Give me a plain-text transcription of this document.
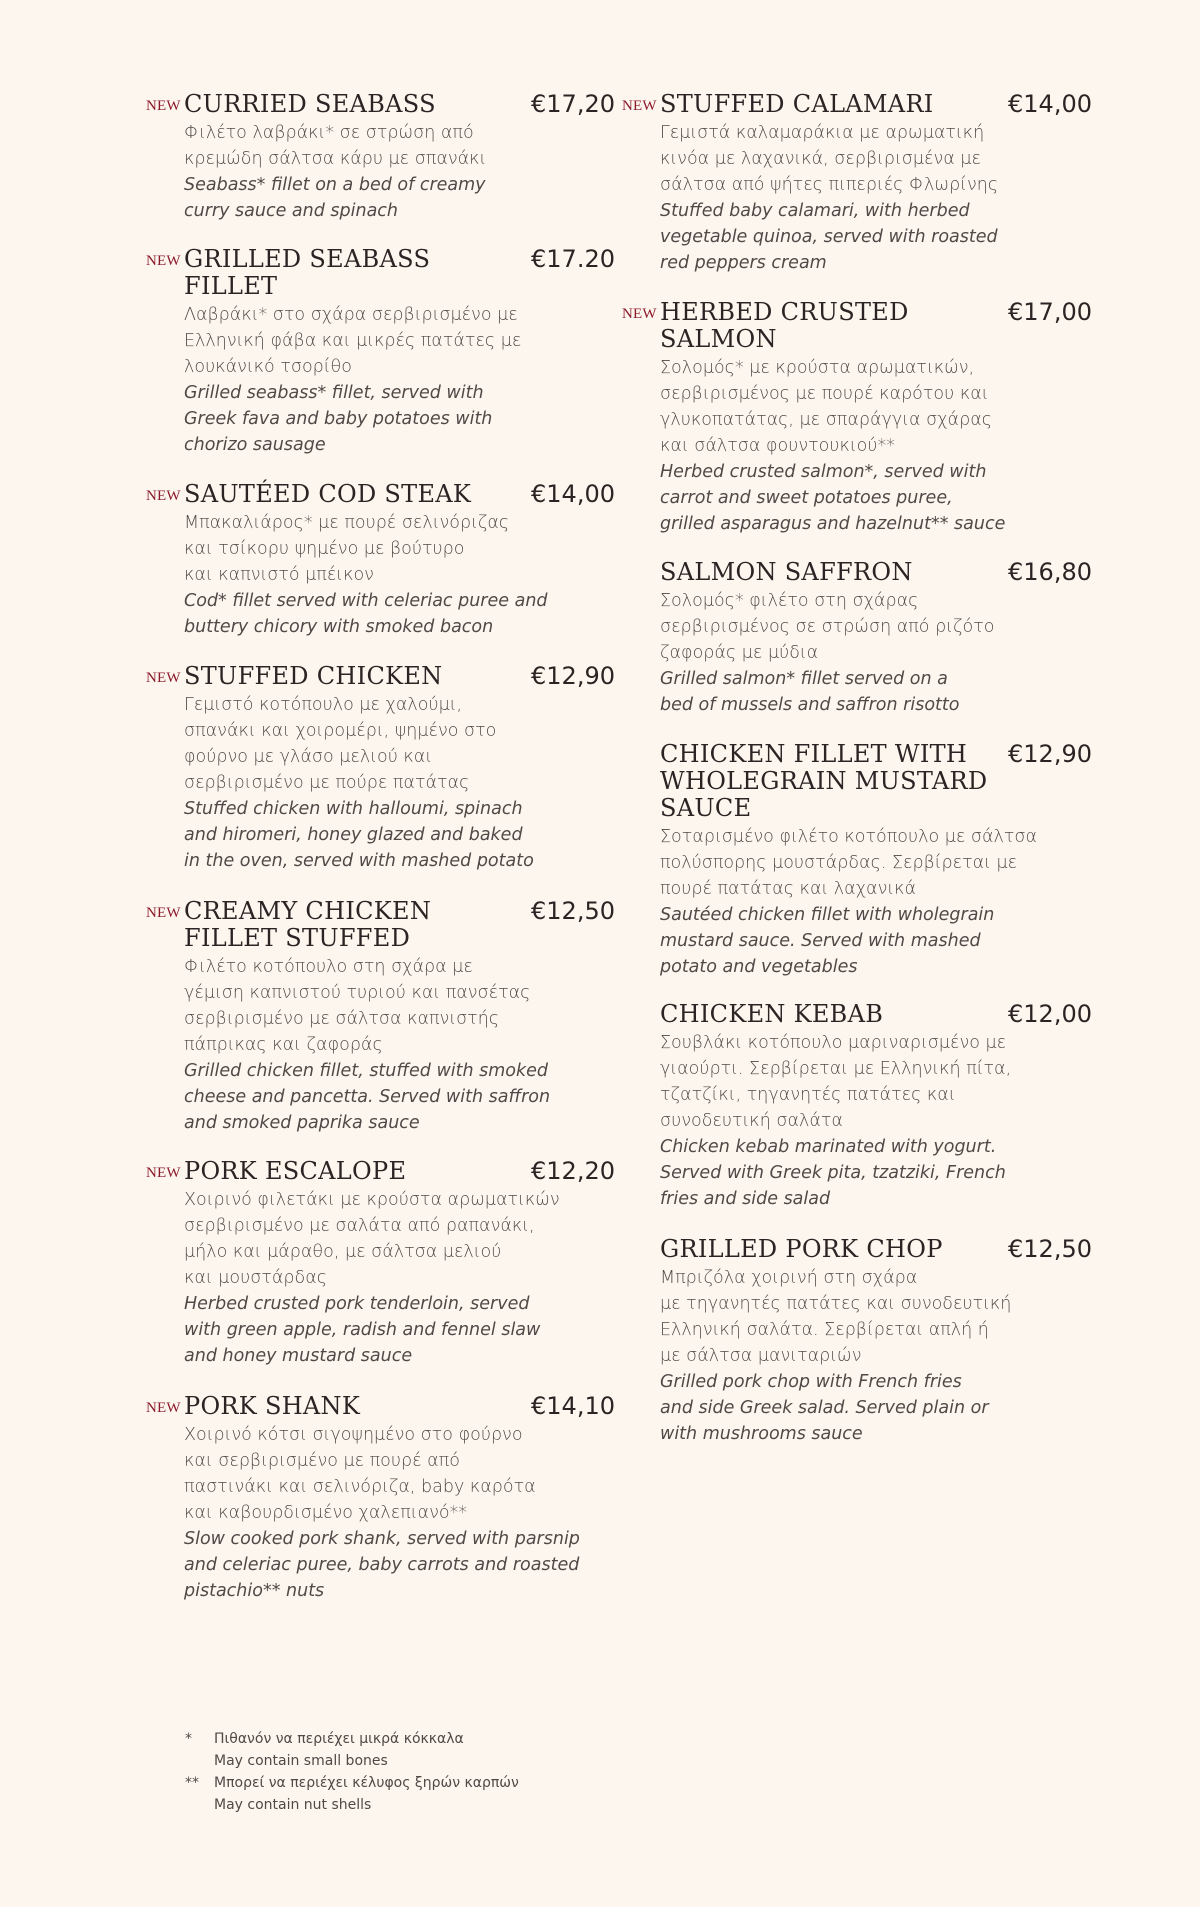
NEW CURRIED SEABASS	€17,20
Φιλέτο λαβράκι* σε στρώση από
κρεμώδη σάλτσα κάρυ με σπανάκι
Seabass* fillet on a bed of creamy
curry sauce and spinach
NEW GRILLED SEABASS
FILLET
€17.20
Λαβράκι* στο σχάρα σερβιρισμένο με
Ελληνική φάβα και μικρές πατάτες με
λουκάνικό τσορίθο
Grilled seabass* fillet, served with
Greek fava and baby potatoes with
chorizo sausage
NEW SAUTÉED COD STEAK	€14,00
Μπακαλιάρος* με πουρέ σελινόριζας
και τσίκορυ ψημένο με βούτυρο
και καπνιστό μπέικον
Cod* fillet served with celeriac puree and
buttery chicory with smoked bacon
NEW STUFFED CHICKEN	€12,90
Γεμιστό κοτόπουλο με χαλούμι,
σπανάκι και χοιρομέρι, ψημένο στο
φούρνο με γλάσο μελιού και
σερβιρισμένο με πούρε πατάτας
Stuffed chicken with halloumi, spinach
and hiromeri, honey glazed and baked
in the oven, served with mashed potato
NEW CREAMY CHICKEN
FILLET STUFFED
€12,50
Φιλέτο κοτόπουλο στη σχάρα με
γέμιση καπνιστού τυριού και πανσέτας
σερβιρισμένο με σάλτσα καπνιστής
πάπρικας και ζαφοράς
Grilled chicken fillet, stuffed with smoked
cheese and pancetta. Served with saffron
and smoked paprika sauce
NEW PORK ESCALOPE	€12,20
Χοιρινό φιλετάκι με κρούστα αρωματικών
σερβιρισμένο με σαλάτα από ραπανάκι,
μήλο και μάραθο, με σάλτσα μελιού
και μουστάρδας
Herbed crusted pork tenderloin, served
with green apple, radish and fennel slaw
and honey mustard sauce
NEW PORK SHANK	€14,10
Χοιρινό κότσι σιγοψημένο στο φούρνο
και σερβιρισμένο με πουρέ από
παστινάκι και σελινόριζα, baby καρότα
και καβουρδισμένο χαλεπιανό**
Slow cooked pork shank, served with parsnip
and celeriac puree, baby carrots and roasted
pistachio** nuts
NEW STUFFED CALAMARI	€14,00
Γεμιστά καλαμαράκια με αρωματική
κινόα με λαχανικά, σερβιρισμένα με
σάλτσα από ψήτες πιπεριές Φλωρίνης
Stuffed baby calamari, with herbed
vegetable quinoa, served with roasted
red peppers cream
NEW HERBED CRUSTED
SALMON
€17,00
Σολομός* με κρούστα αρωματικών,
σερβιρισμένος με πουρέ καρότου και
γλυκοπατάτας, με σπαράγγια σχάρας
και σάλτσα φουντουκιού**
Herbed crusted salmon*, served with
carrot and sweet potatoes puree,
grilled asparagus and hazelnut** sauce
SALMON SAFFRON	€16,80
Σολομός* φιλέτο στη σχάρας
σερβιρισμένος σε στρώση από ριζότο
ζαφοράς με μύδια
Grilled salmon* fillet served on a
bed of mussels and saffron risotto
CHICKEN FILLET WITH
WHOLEGRAIN MUSTARD
SAUCE
€12,90
Σοταρισμένο φιλέτο κοτόπουλο με σάλτσα
πολύσπορης μουστάρδας. Σερβίρεται με
πουρέ πατάτας και λαχανικά
Sautéed chicken fillet with wholegrain
mustard sauce. Served with mashed
potato and vegetables
CHICKEN KEBAB	€12,00
Σουβλάκι κοτόπουλο μαριναρισμένο με
γιαούρτι. Σερβίρεται με Ελληνική πίτα,
τζατζίκι, τηγανητές πατάτες και
συνοδευτική σαλάτα
Chicken kebab marinated with yogurt.
Served with Greek pita, tzatziki, French
fries and side salad
GRILLED PORK CHOP	€12,50
Μπριζόλα χοιρινή στη σχάρα
με τηγανητές πατάτες και συνοδευτική
Ελληνική σαλάτα. Σερβίρεται απλή ή
με σάλτσα μανιταριών
Grilled pork chop with French fries
and side Greek salad. Served plain or
with mushrooms sauce
* Πιθανόν να περιέχει μικρά κόκκαλα
May contain small bones
** Μπορεί να περιέχει κέλυφος ξηρών καρπών
May contain nut shells
